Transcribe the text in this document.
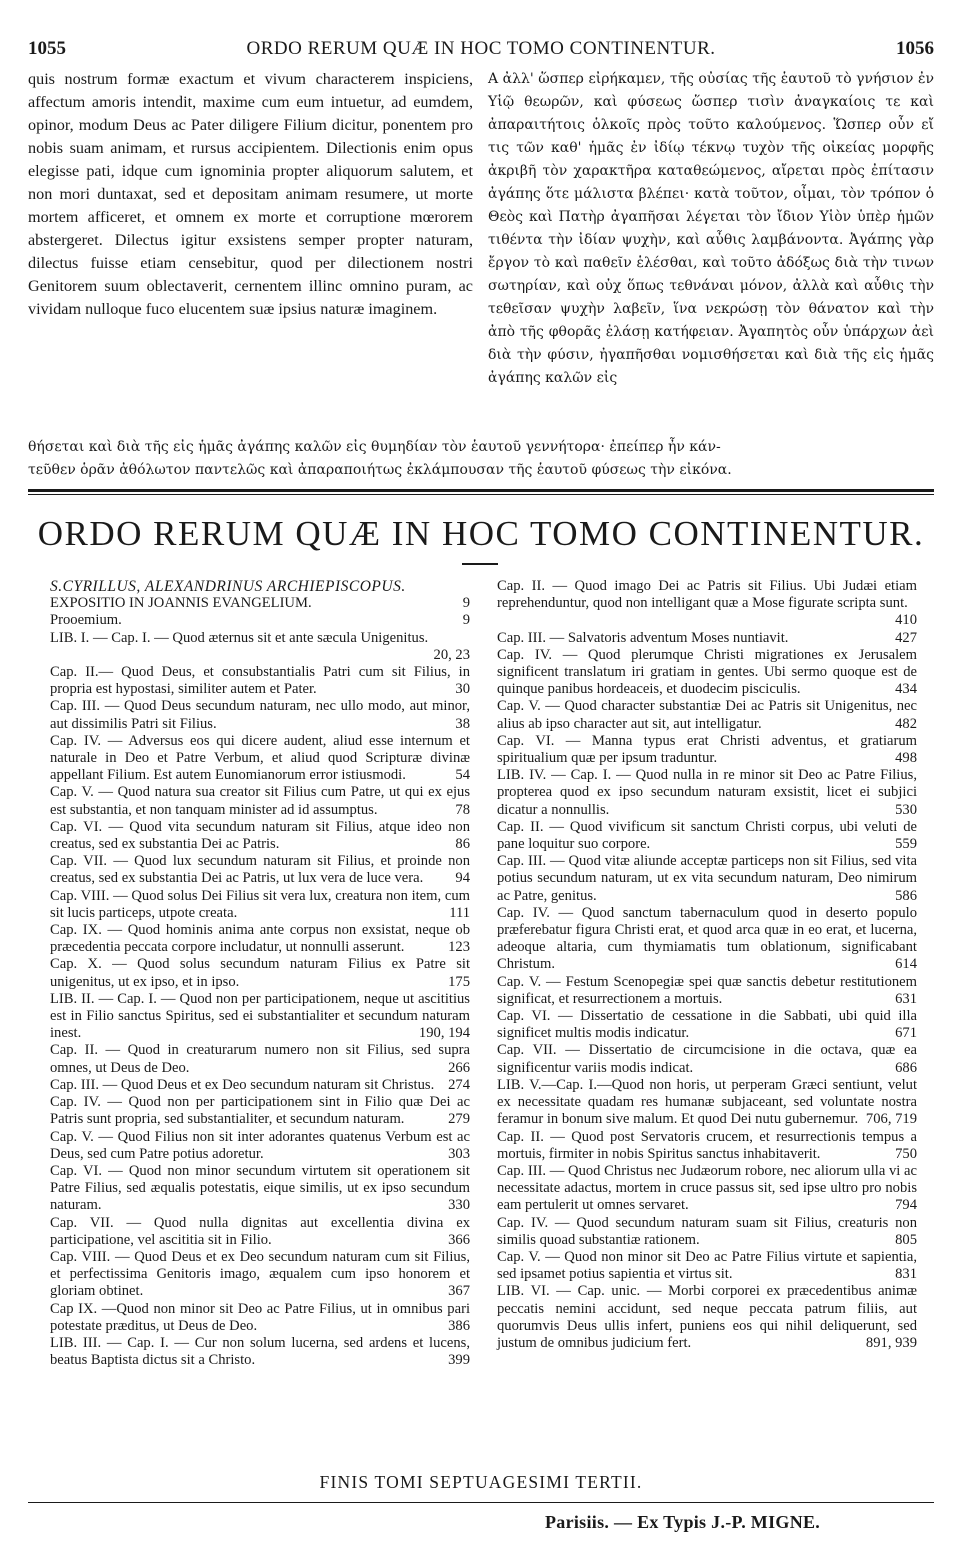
1055	ORDO RERUM QUÆ IN HOC TOMO CONTINENTUR.	1056

quis nostrum formæ exactum et vivum characterem inspiciens, affectum amoris intendit, maxime cum eum intuetur, ad eumdem, opinor, modum Deus ac Pater diligere Filium dicitur, ponentem pro nobis suam animam, et rursus accipientem. Dilectionis enim opus elegisse pati, idque cum ignominia propter aliquorum salutem, et non mori duntaxat, sed et depositam animam resumere, ut morte mortem afficeret, et omnem ex morte et corruptione mœrorem abstergeret. Dilectus igitur exsistens semper propter naturam, dilectus fuisse etiam censebitur, quod per dilectionem nostri Genitorem suum oblectaverit, cernentem illinc omnino puram, ac vividam nulloque fuco elucentem suæ ipsius naturæ imaginem.

A ἀλλ' ὥσπερ εἰρήκαμεν, τῆς οὐσίας τῆς ἑαυτοῦ τὸ γνήσιον ἐν Υἱῷ θεωρῶν, καὶ φύσεως ὥσπερ τισὶν ἀναγκαίοις τε καὶ ἀπαραιτήτοις ὁλκοῖς πρὸς τοῦτο καλούμενος. Ὥσπερ οὖν εἴ τις τῶν καθ' ἡμᾶς ἐν ἰδίῳ τέκνῳ τυχὸν τῆς οἰκείας μορφῆς ἀκριβῆ τὸν χαρακτῆρα καταθεώμενος, αἴρεται πρὸς ἐπίτασιν ἀγάπης ὅτε μάλιστα βλέπει· κατὰ τοῦτον, οἶμαι, τὸν τρόπον ὁ Θεὸς καὶ Πατὴρ ἀγαπῆσαι λέγεται τὸν ἴδιον Υἱὸν ὑπὲρ ἡμῶν τιθέντα τὴν ἰδίαν ψυχὴν, καὶ αὖθις λαμβάνοντα. Ἀγάπης γὰρ ἔργον τὸ καὶ παθεῖν ἑλέσθαι, καὶ τοῦτο ἀδόξως διὰ τὴν τινων σωτηρίαν, καὶ οὐχ ὅπως τεθνάναι μόνον, ἀλλὰ καὶ αὖθις τὴν τεθεῖσαν ψυχὴν λαβεῖν, ἵνα νεκρώσῃ τὸν θάνατον καὶ τὴν ἀπὸ τῆς φθορᾶς ἐλάσῃ κατήφειαν. Ἀγαπητὸς οὖν ὑπάρχων ἀεὶ διὰ τὴν φύσιν, ἠγαπῆσθαι νομισθήσεται καὶ διὰ τῆς εἰς ἡμᾶς ἀγάπης καλῶν εἰς

θήσεται καὶ διὰ τῆς εἰς ἡμᾶς ἀγάπης καλῶν εἰς θυμηδίαν τὸν ἑαυτοῦ γεννήτορα· ἐπείπερ ἦν κάν-
τεῦθεν ὁρᾶν ἀθόλωτον παντελῶς καὶ ἀπαραποιήτως ἐκλάμπουσαν τῆς ἑαυτοῦ φύσεως τὴν εἰκόνα.
ORDO RERUM QUÆ IN HOC TOMO CONTINENTUR.
S.CYRILLUS, ALEXANDRINUS ARCHIEPISCOPUS.
EXPOSITIO IN JOANNIS EVANGELIUM.	9
Prooemium.	9
LIB. I. — Cap. I. — Quod æternus sit et ante sæcula Unigenitus.
20, 23
Cap. II.— Quod Deus, et consubstantialis Patri cum sit Filius, in propria est hypostasi, similiter autem et Pater.	30
Cap. III. — Quod Deus secundum naturam, nec ullo modo, aut minor, aut dissimilis Patri sit Filius.	38
Cap. IV. — Adversus eos qui dicere audent, aliud esse internum et naturale in Deo et Patre Verbum, et aliud quod Scripturæ divinæ appellant Filium. Est autem Eunomianorum error istiusmodi.	54
Cap. V. — Quod natura sua creator sit Filius cum Patre, ut qui ex ejus est substantia, et non tanquam minister ad id assumptus.	78
Cap. VI. — Quod vita secundum naturam sit Filius, atque ideo non creatus, sed ex substantia Dei ac Patris.	86
Cap. VII. — Quod lux secundum naturam sit Filius, et proinde non creatus, sed ex substantia Dei ac Patris, ut lux vera de luce vera.	94
Cap. VIII. — Quod solus Dei Filius sit vera lux, creatura non item, cum sit lucis particeps, utpote creata.	111
Cap. IX. — Quod hominis anima ante corpus non exsistat, neque ob præcedentia peccata corpore includatur, ut nonnulli asserunt.	123
Cap. X. — Quod solus secundum naturam Filius ex Patre sit unigenitus, ut ex ipso, et in ipso.	175
LIB. II. — Cap. I. — Quod non per participationem, neque ut ascititius est in Filio sanctus Spiritus, sed ei substantialiter et secundum naturam inest.	190, 194
Cap. II. — Quod in creaturarum numero non sit Filius, sed supra omnes, ut Deus de Deo.	266
Cap. III. — Quod Deus et ex Deo secundum naturam sit Christus. 274
Cap. IV. — Quod non per participationem sint in Filio quæ Dei ac Patris sunt propria, sed substantialiter, et secundum naturam.	279
Cap. V. — Quod Filius non sit inter adorantes quatenus Verbum est ac Deus, sed cum Patre potius adoretur.	303
Cap. VI. — Quod non minor secundum virtutem sit operationem sit Patre Filius, sed æqualis potestatis, eique similis, ut ex ipso secundum naturam.	330
Cap. VII. — Quod nulla dignitas aut excellentia divina ex participatione, vel ascititia sit in Filio.	366
Cap. VIII. — Quod Deus et ex Deo secundum naturam cum sit Filius, et perfectissima Genitoris imago, æqualem cum ipso honorem et gloriam obtinet.	367
Cap IX. —Quod non minor sit Deo ac Patre Filius, ut in omnibus pari potestate præditus, ut Deus de Deo.	386
LIB. III. — Cap. I. — Cur non solum lucerna, sed ardens et lucens, beatus Baptista dictus sit a Christo.	399
Cap. II. — Quod imago Dei ac Patris sit Filius. Ubi Judæi etiam reprehenduntur, quod non intelligant quæ a Mose figurate scripta sunt.
410
Cap. III. — Salvatoris adventum Moses nuntiavit.	427
Cap. IV. — Quod plerumque Christi migrationes ex Jerusalem significent translatum iri gratiam in gentes. Ubi sermo quoque est de quinque panibus hordeaceis, et duodecim pisciculis.	434
Cap. V. — Quod character substantiæ Dei ac Patris sit Unigenitus, nec alius ab ipso character aut sit, aut intelligatur.	482
Cap. VI. — Manna typus erat Christi adventus, et gratiarum spiritualium quæ per ipsum traduntur.	498
LIB. IV. — Cap. I. — Quod nulla in re minor sit Deo ac Patre Filius, propterea quod ex ipso secundum naturam exsistit, licet ei subjici dicatur a nonnullis.	530
Cap. II. — Quod vivificum sit sanctum Christi corpus, ubi veluti de pane loquitur suo corpore.	559
Cap. III. — Quod vitæ aliunde acceptæ particeps non sit Filius, sed vita potius secundum naturam, ut ex vita secundum naturam, Deo nimirum ac Patre, genitus.	586
Cap. IV. — Quod sanctum tabernaculum quod in deserto populo præferebatur figura Christi erat, et quod arca quæ in eo erat, et lucerna, adeoque altaria, cum thymiamatis tum oblationum, significabant Christum.	614
Cap. V. — Festum Scenopegiæ spei quæ sanctis debetur restitutionem significat, et resurrectionem a mortuis.	631
Cap. VI. — Dissertatio de cessatione in die Sabbati, ubi quid illa significet multis modis indicatur.	671
Cap. VII. — Dissertatio de circumcisione in die octava, quæ ea significentur variis modis indicat.	686
LIB. V.—Cap. I.—Quod non horis, ut perperam Græci sentiunt, velut ex necessitate quadam res humanæ subjaceant, sed voluntate nostra feramur in bonum sive malum. Et quod Dei nutu gubernemur. 706, 719
Cap. II. — Quod post Servatoris crucem, et resurrectionis tempus a mortuis, firmiter in nobis Spiritus sanctus inhabitaverit.	750
Cap. III. — Quod Christus nec Judæorum robore, nec aliorum ulla vi ac necessitate adactus, mortem in cruce passus sit, sed ipse ultro pro nobis eam pertulerit ut omnes servaret.	794
Cap. IV. — Quod secundum naturam suam sit Filius, creaturis non similis quoad substantiæ rationem.	805
Cap. V. — Quod non minor sit Deo ac Patre Filius virtute et sapientia, sed ipsamet potius sapientia et virtus sit.	831
LIB. VI. — Cap. unic. — Morbi corporei ex præcedentibus animæ peccatis nemini accidunt, sed neque peccata patrum filiis, aut quorumvis Deus ullis infert, puniens eos qui nihil deliquerunt, sed justum de omnibus judicium fert.	891, 939
FINIS TOMI SEPTUAGESIMI TERTII.
Parisiis. — Ex Typis J.-P. MIGNE.
